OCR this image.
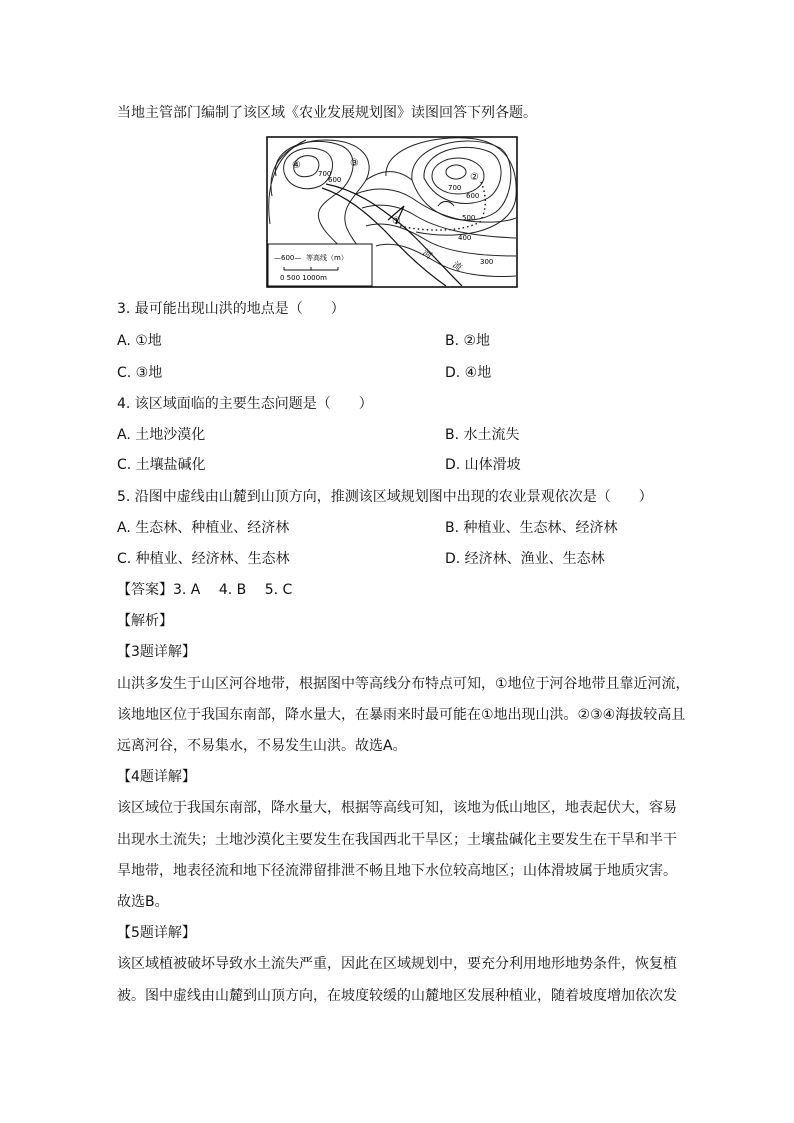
当地主管部门编制了该区域《农业发展规划图》读图回答下列各题。
700
600
700
600
500
400
300
①
②
③
④
河
流
—600— 等高线（m）
0 500 1000m
3. 最可能出现山洪的地点是（　　）
A. ①地	B. ②地
C. ③地	D. ④地
4. 该区域面临的主要生态问题是（　　）
A. 土地沙漠化	B. 水土流失
C. 土壤盐碱化	D. 山体滑坡
5. 沿图中虚线由山麓到山顶方向，推测该区域规划图中出现的农业景观依次是（　　）
A. 生态林、种植业、经济林	B. 种植业、生态林、经济林
C. 种植业、经济林、生态林	D. 经济林、渔业、生态林
【答案】3. A　 4. B　 5. C
【解析】
【3题详解】
山洪多发生于山区河谷地带，根据图中等高线分布特点可知，①地位于河谷地带且靠近河流，
该地地区位于我国东南部，降水量大，在暴雨来时最可能在①地出现山洪。②③④海拔较高且
远离河谷，不易集水，不易发生山洪。故选A。
【4题详解】
该区域位于我国东南部，降水量大，根据等高线可知，该地为低山地区，地表起伏大，容易
出现水土流失；土地沙漠化主要发生在我国西北干旱区；土壤盐碱化主要发生在干旱和半干
旱地带，地表径流和地下径流滞留排泄不畅且地下水位较高地区；山体滑坡属于地质灾害。
故选B。
【5题详解】
该区域植被破坏导致水土流失严重，因此在区域规划中，要充分利用地形地势条件，恢复植
被。图中虚线由山麓到山顶方向，在坡度较缓的山麓地区发展种植业，随着坡度增加依次发
